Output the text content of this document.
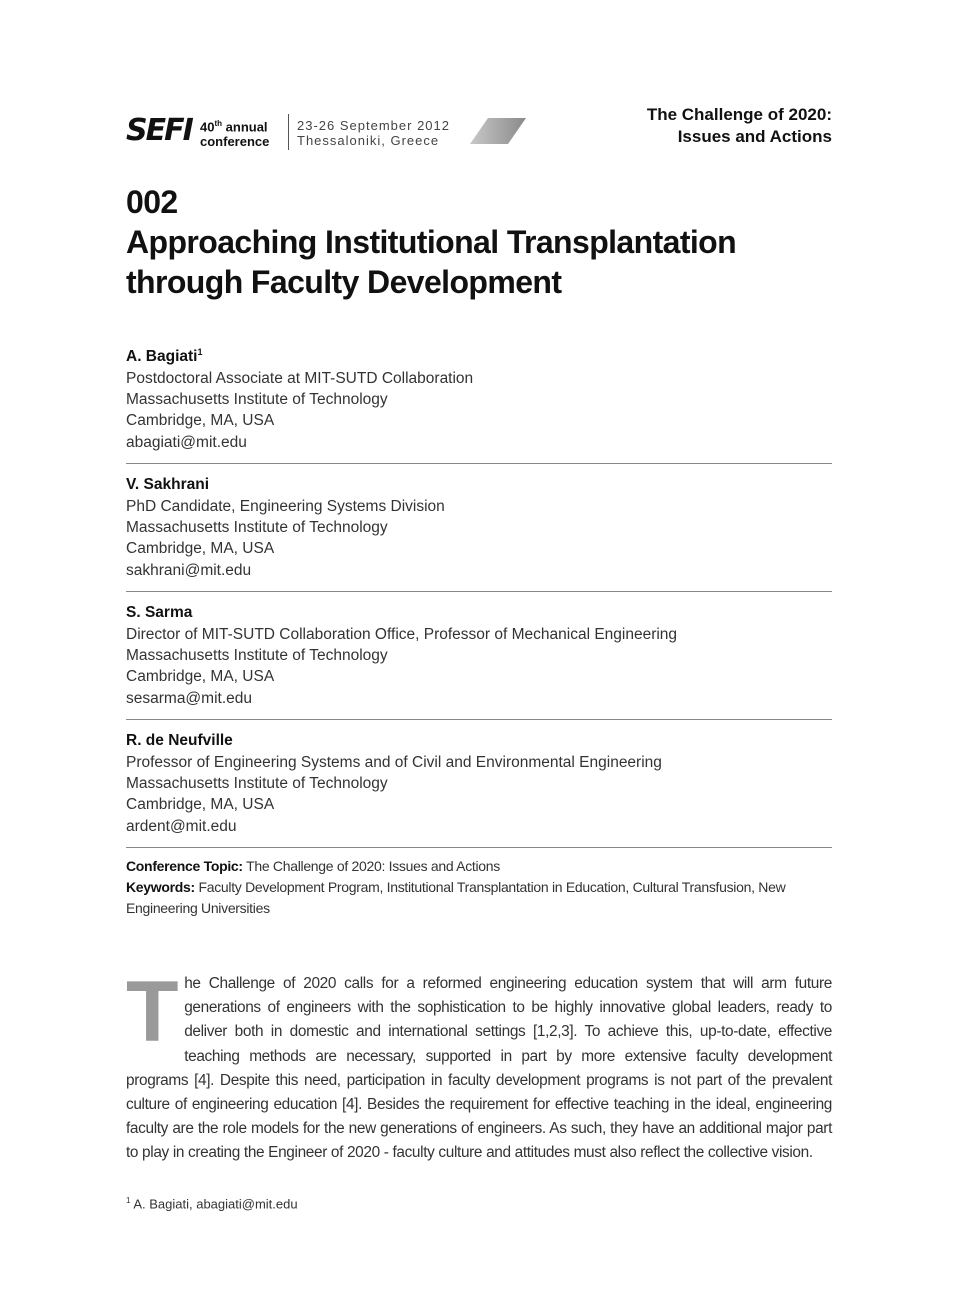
SEFI 40th annual
conference
23-26 September 2012
Thessaloniki, Greece
The Challenge of 2020:
Issues and Actions
002
Approaching Institutional Transplantation
through Faculty Development
A. Bagiati$^1$
Postdoctoral Associate at MIT-SUTD Collaboration
Massachusetts Institute of Technology
Cambridge, MA, USA
abagiati@mit.edu
V. Sakhrani
PhD Candidate, Engineering Systems Division
Massachusetts Institute of Technology
Cambridge, MA, USA
sakhrani@mit.edu
S. Sarma
Director of MIT-SUTD Collaboration Office, Professor of Mechanical Engineering
Massachusetts Institute of Technology
Cambridge, MA, USA
sesarma@mit.edu
R. de Neufville
Professor of Engineering Systems and of Civil and Environmental Engineering
Massachusetts Institute of Technology
Cambridge, MA, USA
ardent@mit.edu
Conference Topic: The Challenge of 2020: Issues and Actions
Keywords: Faculty Development Program, Institutional Transplantation in Education, Cultural Transfusion, New Engineering Universities
The Challenge of 2020 calls for a reformed engineering education system that will arm future generations of engineers with the sophistication to be highly innovative global leaders, ready to deliver both in domestic and international settings [1,2,3]. To achieve this, up-to-date, effective teaching methods are necessary, supported in part by more extensive faculty development programs [4]. Despite this need, participation in faculty development programs is not part of the prevalent culture of engineering education [4]. Besides the requirement for effective teaching in the ideal, engineering faculty are the role models for the new generations of engineers. As such, they have an additional major part to play in creating the Engineer of 2020 - faculty culture and attitudes must also reflect the collective vision.
$^1$ A. Bagiati, abagiati@mit.edu
